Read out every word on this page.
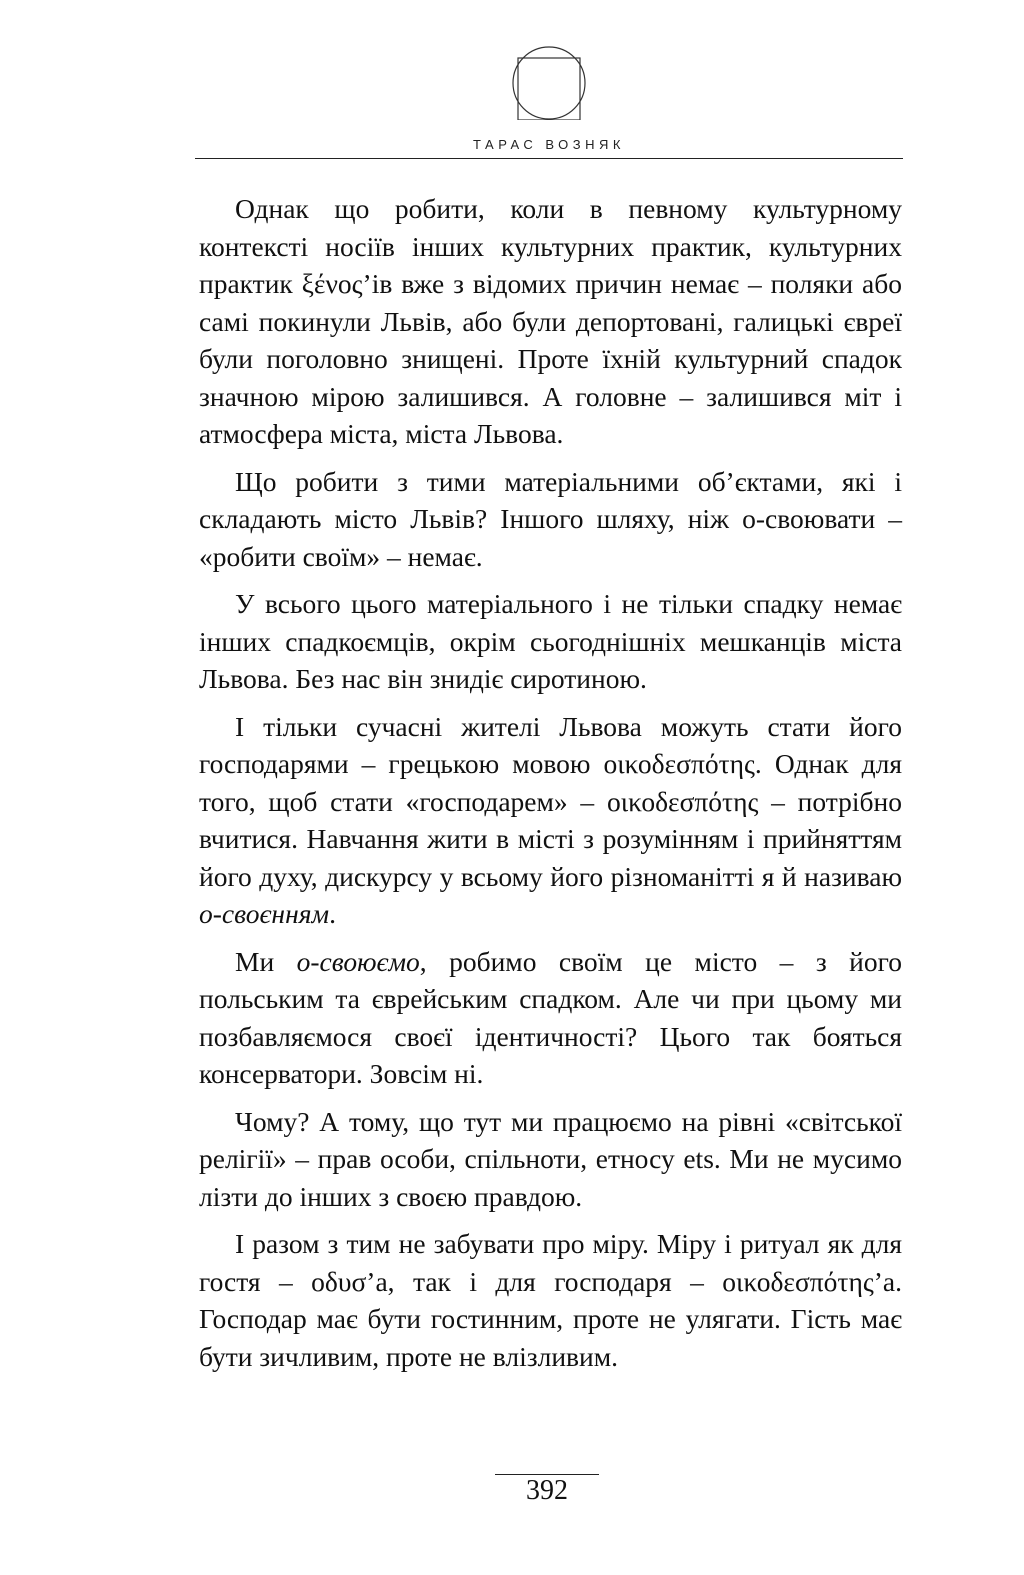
ТАРАС ВОЗНЯК

Однак що робити, коли в певному культурному контексті носіїв інших культурних практик, культурних практик ξένος’ів вже з відомих причин немає – поляки або самі покинули Львів, або були депортовані, галицькі євреї були поголовно знищені. Проте їхній культурний спадок значною мірою залишився. А головне – залишився міт і атмосфера міста, міста Львова.

Що робити з тими матеріальними об’єктами, які і складають місто Львів? Іншого шляху, ніж о-своювати – «робити своїм» – немає.

У всього цього матеріального і не тільки спадку немає інших спадкоємців, окрім сьогоднішніх мешканців міста Львова. Без нас він знидіє сиротиною.

І тільки сучасні жителі Львова можуть стати його господарями – грецькою мовою οικοδεσπότης. Однак для того, щоб стати «господарем» – οικοδεσπότης – потрібно вчитися. Навчання жити в місті з розумінням і прийняттям його духу, дискурсу у всьому його різноманітті я й називаю о-своєнням.

Ми о-своюємо, робимо своїм це місто – з його польським та єврейським спадком. Але чи при цьому ми позбавляємося своєї ідентичності? Цього так бояться консерватори. Зовсім ні.

Чому? А тому, що тут ми працюємо на рівні «світської релігії» – прав особи, спільноти, етносу ets. Ми не мусимо лізти до інших з своєю правдою.

І разом з тим не забувати про міру. Міру і ритуал як для гостя – οδυσ’а, так і для господаря – οικοδεσπότης’а. Господар має бути гостинним, проте не улягати. Гість має бути зичливим, проте не влізливим.

392
